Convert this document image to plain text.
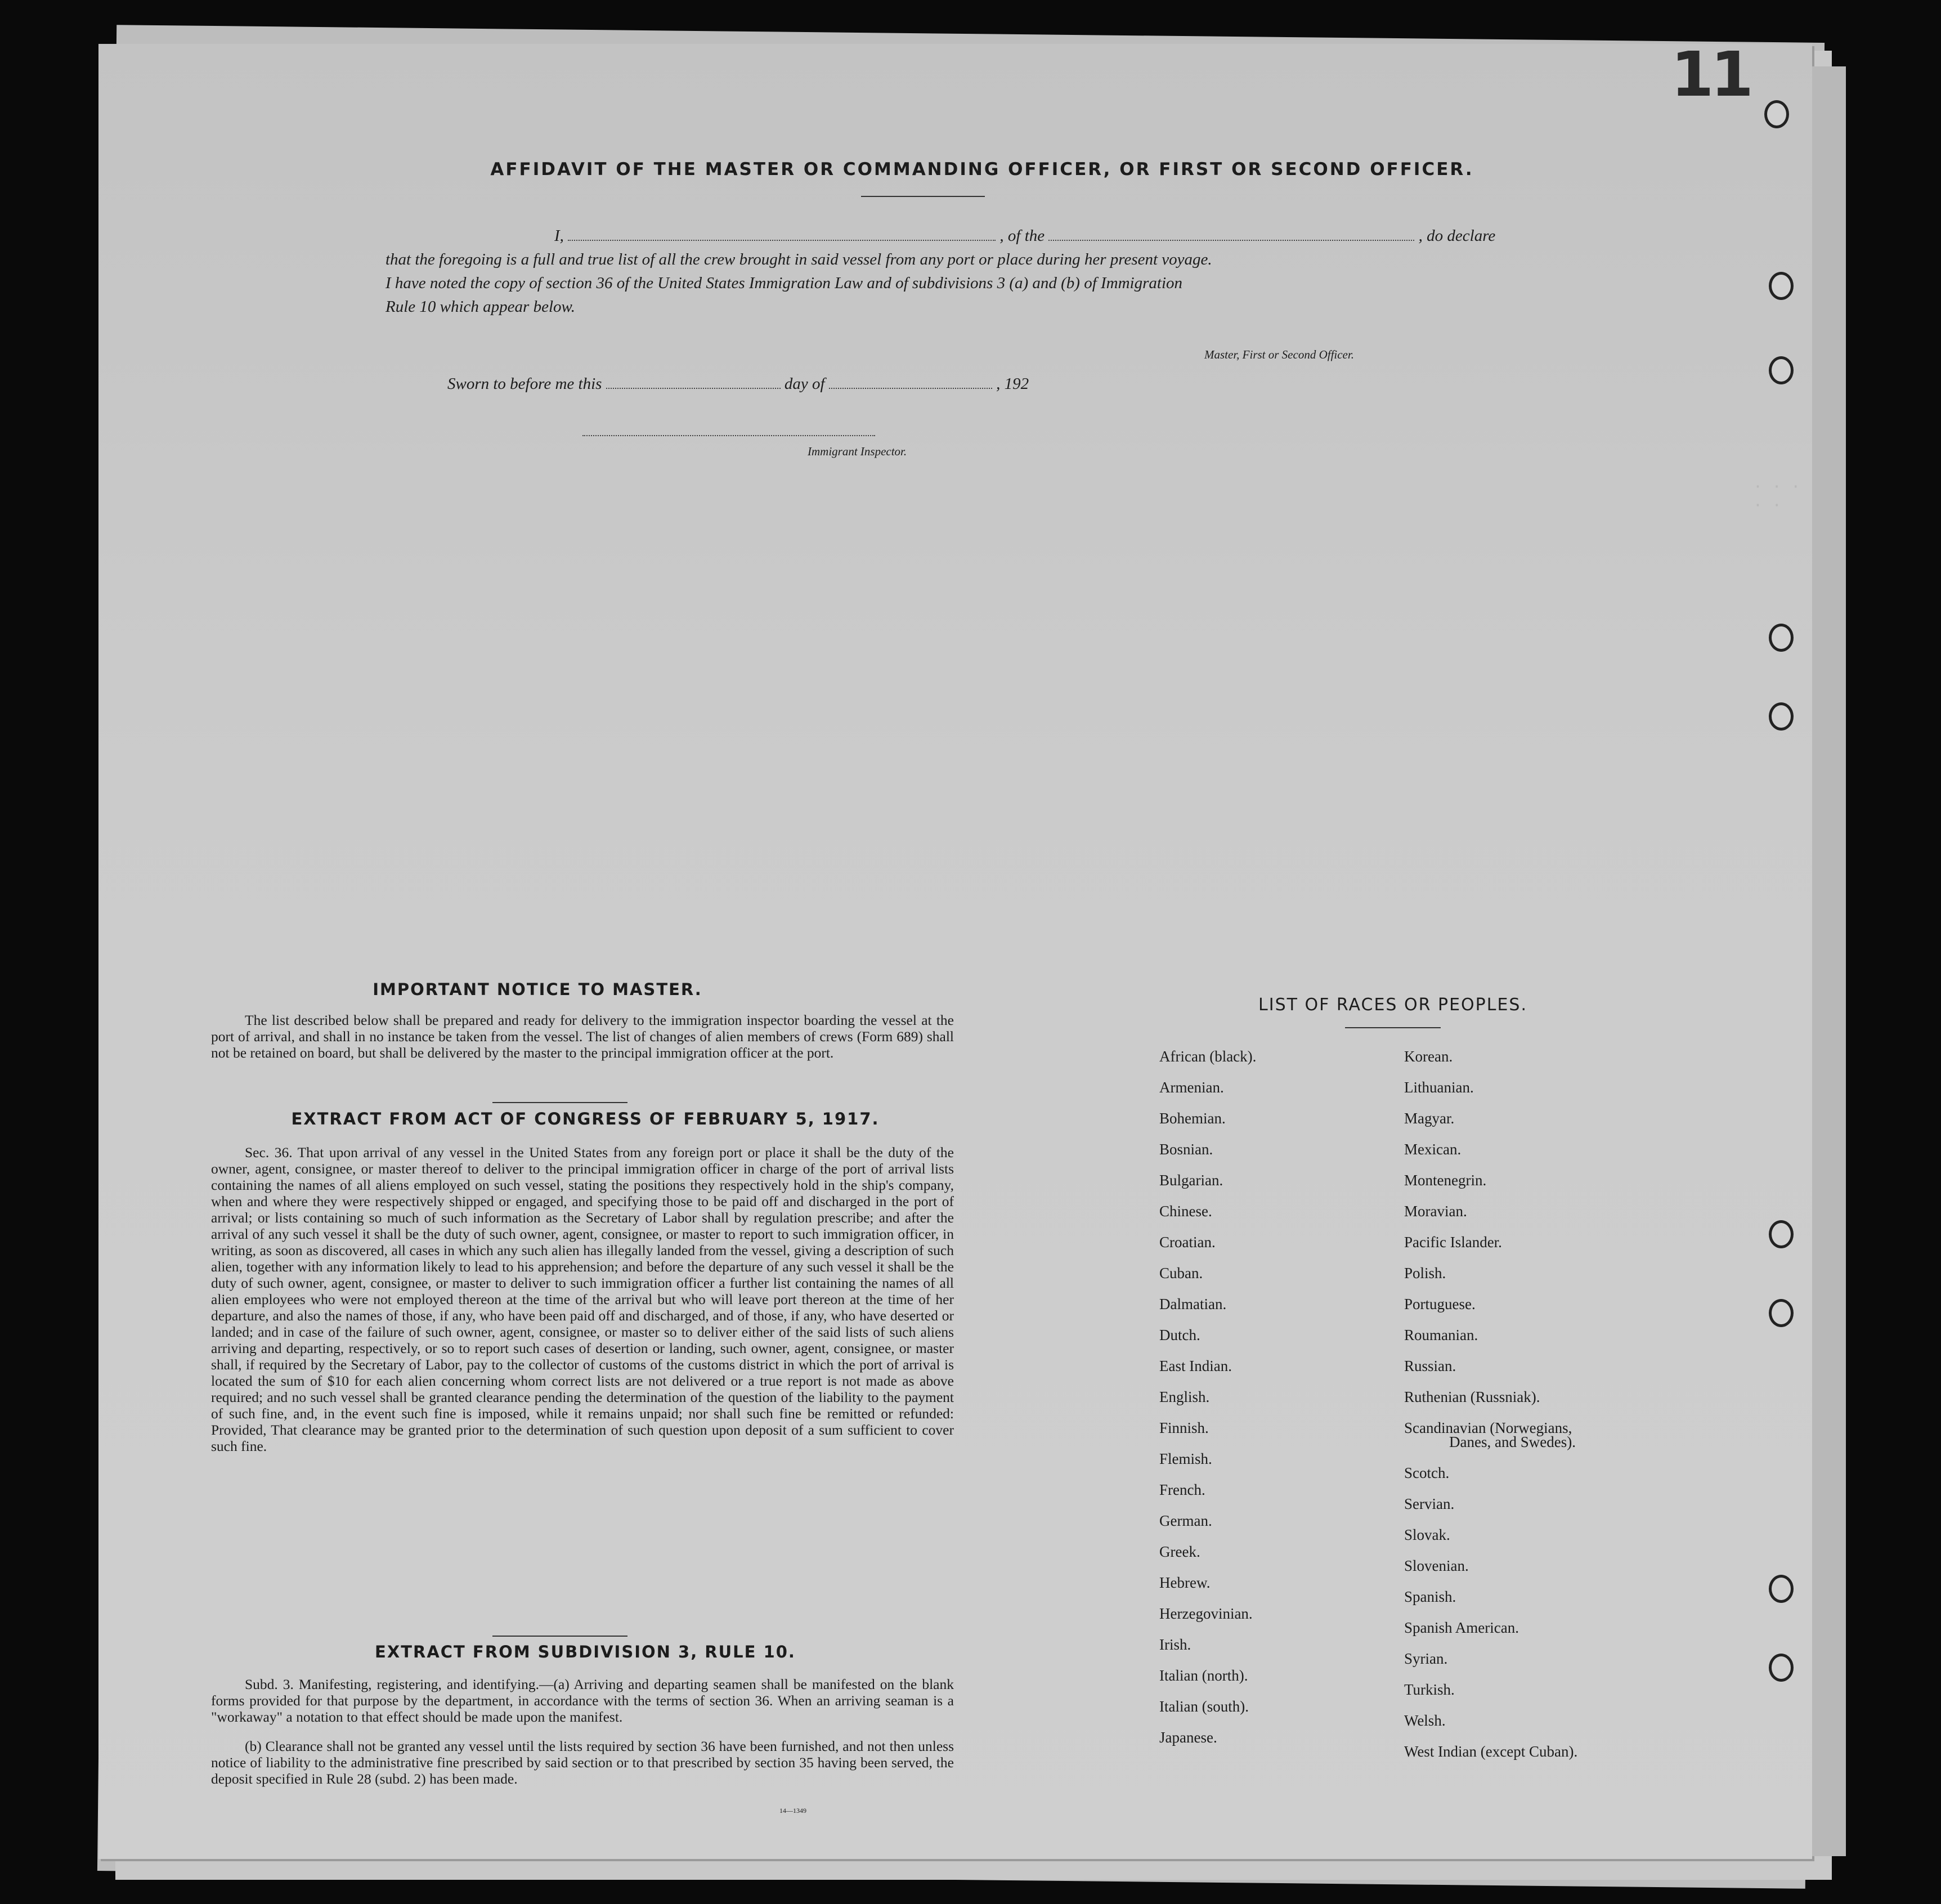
11
· · · · ·
AFFIDAVIT OF THE MASTER OR COMMANDING OFFICER, OR FIRST OR SECOND OFFICER.
I,	, of the	, do declare
that the foregoing is a full and true list of all the crew brought in said vessel from any port or place during her present voyage.
I have noted the copy of section 36 of the United States Immigration Law and of subdivisions 3 (a) and (b) of Immigration
Rule 10 which appear below.
Master, First or Second Officer.
Sworn to before me this	day of	, 192
Immigrant Inspector.
IMPORTANT NOTICE TO MASTER.
The list described below shall be prepared and ready for delivery to the immigration inspector boarding the vessel at the port of arrival, and shall in no instance be taken from the vessel. The list of changes of alien members of crews (Form 689) shall not be retained on board, but shall be delivered by the master to the principal immigration officer at the port.
EXTRACT FROM ACT OF CONGRESS OF FEBRUARY 5, 1917.
Sec. 36. That upon arrival of any vessel in the United States from any foreign port or place it shall be the duty of the owner, agent, consignee, or master thereof to deliver to the principal immigration officer in charge of the port of arrival lists containing the names of all aliens employed on such vessel, stating the positions they respectively hold in the ship's company, when and where they were respectively shipped or engaged, and specifying those to be paid off and discharged in the port of arrival; or lists containing so much of such information as the Secretary of Labor shall by regulation prescribe; and after the arrival of any such vessel it shall be the duty of such owner, agent, consignee, or master to report to such immigration officer, in writing, as soon as discovered, all cases in which any such alien has illegally landed from the vessel, giving a description of such alien, together with any information likely to lead to his apprehension; and before the departure of any such vessel it shall be the duty of such owner, agent, consignee, or master to deliver to such immigration officer a further list containing the names of all alien employees who were not employed thereon at the time of the arrival but who will leave port thereon at the time of her departure, and also the names of those, if any, who have been paid off and discharged, and of those, if any, who have deserted or landed; and in case of the failure of such owner, agent, consignee, or master so to deliver either of the said lists of such aliens arriving and departing, respectively, or so to report such cases of desertion or landing, such owner, agent, consignee, or master shall, if required by the Secretary of Labor, pay to the collector of customs of the customs district in which the port of arrival is located the sum of $10 for each alien concerning whom correct lists are not delivered or a true report is not made as above required; and no such vessel shall be granted clearance pending the determination of the question of the liability to the payment of such fine, and, in the event such fine is imposed, while it remains unpaid; nor shall such fine be remitted or refunded: Provided, That clearance may be granted prior to the determination of such question upon deposit of a sum sufficient to cover such fine.
EXTRACT FROM SUBDIVISION 3, RULE 10.
Subd. 3. Manifesting, registering, and identifying.—(a) Arriving and departing seamen shall be manifested on the blank forms provided for that purpose by the department, in accordance with the terms of section 36. When an arriving seaman is a "workaway" a notation to that effect should be made upon the manifest.
(b) Clearance shall not be granted any vessel until the lists required by section 36 have been furnished, and not then unless notice of liability to the administrative fine prescribed by said section or to that prescribed by section 35 having been served, the deposit specified in Rule 28 (subd. 2) has been made.
14—1349
LIST OF RACES OR PEOPLES.
African (black).
Armenian.
Bohemian.
Bosnian.
Bulgarian.
Chinese.
Croatian.
Cuban.
Dalmatian.
Dutch.
East Indian.
English.
Finnish.
Flemish.
French.
German.
Greek.
Hebrew.
Herzegovinian.
Irish.
Italian (north).
Italian (south).
Japanese.
Korean.
Lithuanian.
Magyar.
Mexican.
Montenegrin.
Moravian.
Pacific Islander.
Polish.
Portuguese.
Roumanian.
Russian.
Ruthenian (Russniak).
Scandinavian (Norwegians,
Danes, and Swedes).
Scotch.
Servian.
Slovak.
Slovenian.
Spanish.
Spanish American.
Syrian.
Turkish.
Welsh.
West Indian (except Cuban).
